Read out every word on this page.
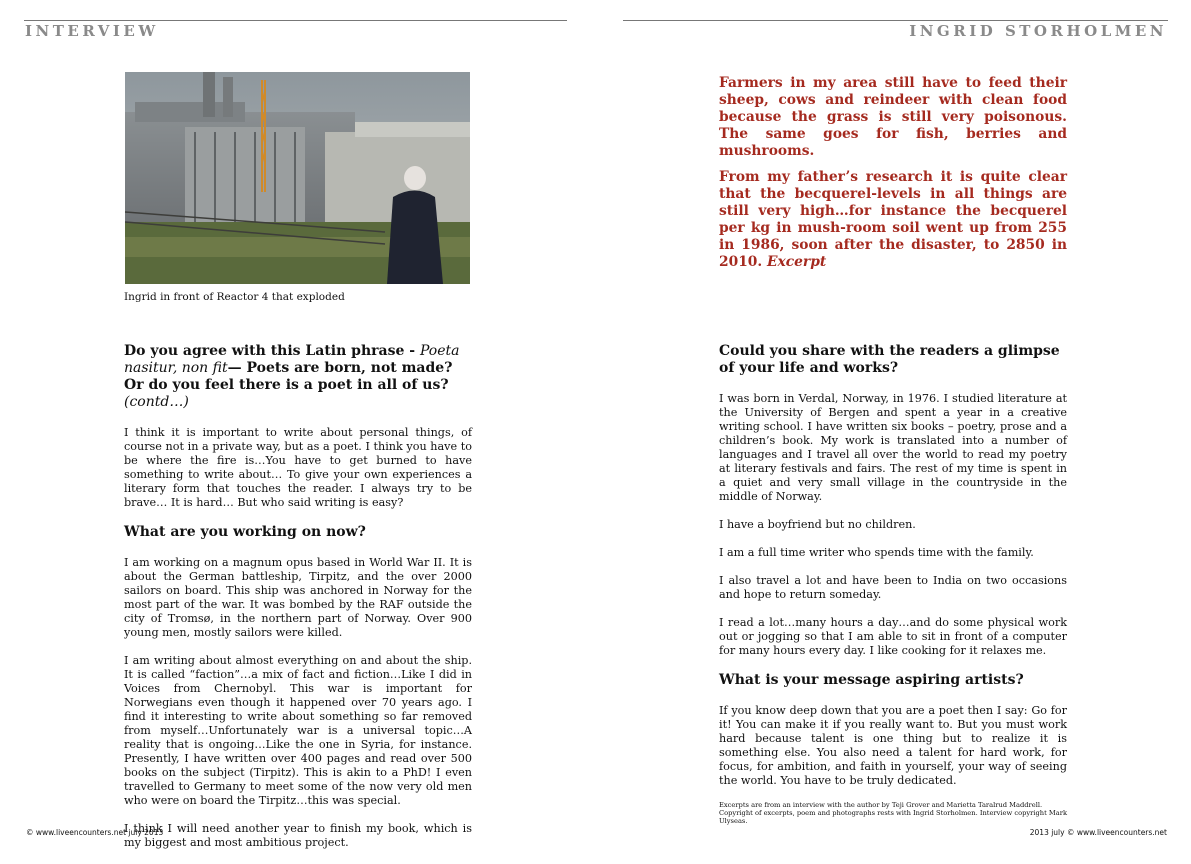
INTERVIEW	INGRID STORHOLMEN
Ingrid in front of Reactor 4 that exploded

Farmers in my area still have to feed their sheep, cows and reindeer with clean food because the grass is still very poisonous. The same goes for fish, berries and mushrooms.

From my father’s research it is quite clear that the becquerel-levels in all things are still very high…for instance the becquerel per kg in mush-room soil went up from 255 in 1986, soon after the disaster, to 2850 in 2010. Excerpt

Do you agree with this Latin phrase - Poeta nasitur, non fit— Poets are born, not made? Or do you feel there is a poet in all of us? (contd…)

I think it is important to write about personal things, of course not in a private way, but as a poet. I think you have to be where the fire is…You have to get burned to have something to write about… To give your own experiences a literary form that touches the reader. I always try to be brave… It is hard… But who said writing is easy?

What are you working on now?

I am working on a magnum opus based in World War II. It is about the German battleship, Tirpitz, and the over 2000 sailors on board. This ship was anchored in Norway for the most part of the war. It was bombed by the RAF outside the city of Tromsø, in the northern part of Norway. Over 900 young men, mostly sailors were killed.

I am writing about almost everything on and about the ship. It is called “faction”…a mix of fact and fiction…Like I did in Voices from Chernobyl. This war is important for Norwegians even though it happened over 70 years ago. I find it interesting to write about something so far removed from myself…Unfortunately war is a universal topic…A reality that is ongoing…Like the one in Syria, for instance. Presently, I have written over 400 pages and read over 500 books on the subject (Tirpitz). This is akin to a PhD! I even travelled to Germany to meet some of the now very old men who were on board the Tirpitz…this was special.

I think I will need another year to finish my book, which is my biggest and most ambitious project.

Could you share with the readers a glimpse of your life and works?

I was born in Verdal, Norway, in 1976. I studied literature at the University of Bergen and spent a year in a creative writing school. I have written six books – poetry, prose and a children’s book. My work is translated into a number of languages and I travel all over the world to read my poetry at literary festivals and fairs. The rest of my time is spent in a quiet and very small village in the countryside in the middle of Norway.

I have a boyfriend but no children.

I am a full time writer who spends time with the family.

I also travel a lot and have been to India on two occasions and hope to return someday.

I read a lot…many hours a day…and do some physical work out or jogging so that I am able to sit in front of a computer for many hours every day. I like cooking for it relaxes me.

What is your message aspiring artists?

If you know deep down that you are a poet then I say: Go for it! You can make it if you really want to. But you must work hard because talent is one thing but to realize it is something else. You also need a talent for hard work, for focus, for ambition, and faith in yourself, your way of seeing the world. You have to be truly dedicated.

Excerpts are from an interview with the author by Teji Grover and Marietta Taralrud Maddrell. Copyright of excerpts, poem and photographs rests with Ingrid Storholmen. Interview copyright Mark Ulyseas.
© www.liveencounters.net july 2013	2013 july © www.liveencounters.net
